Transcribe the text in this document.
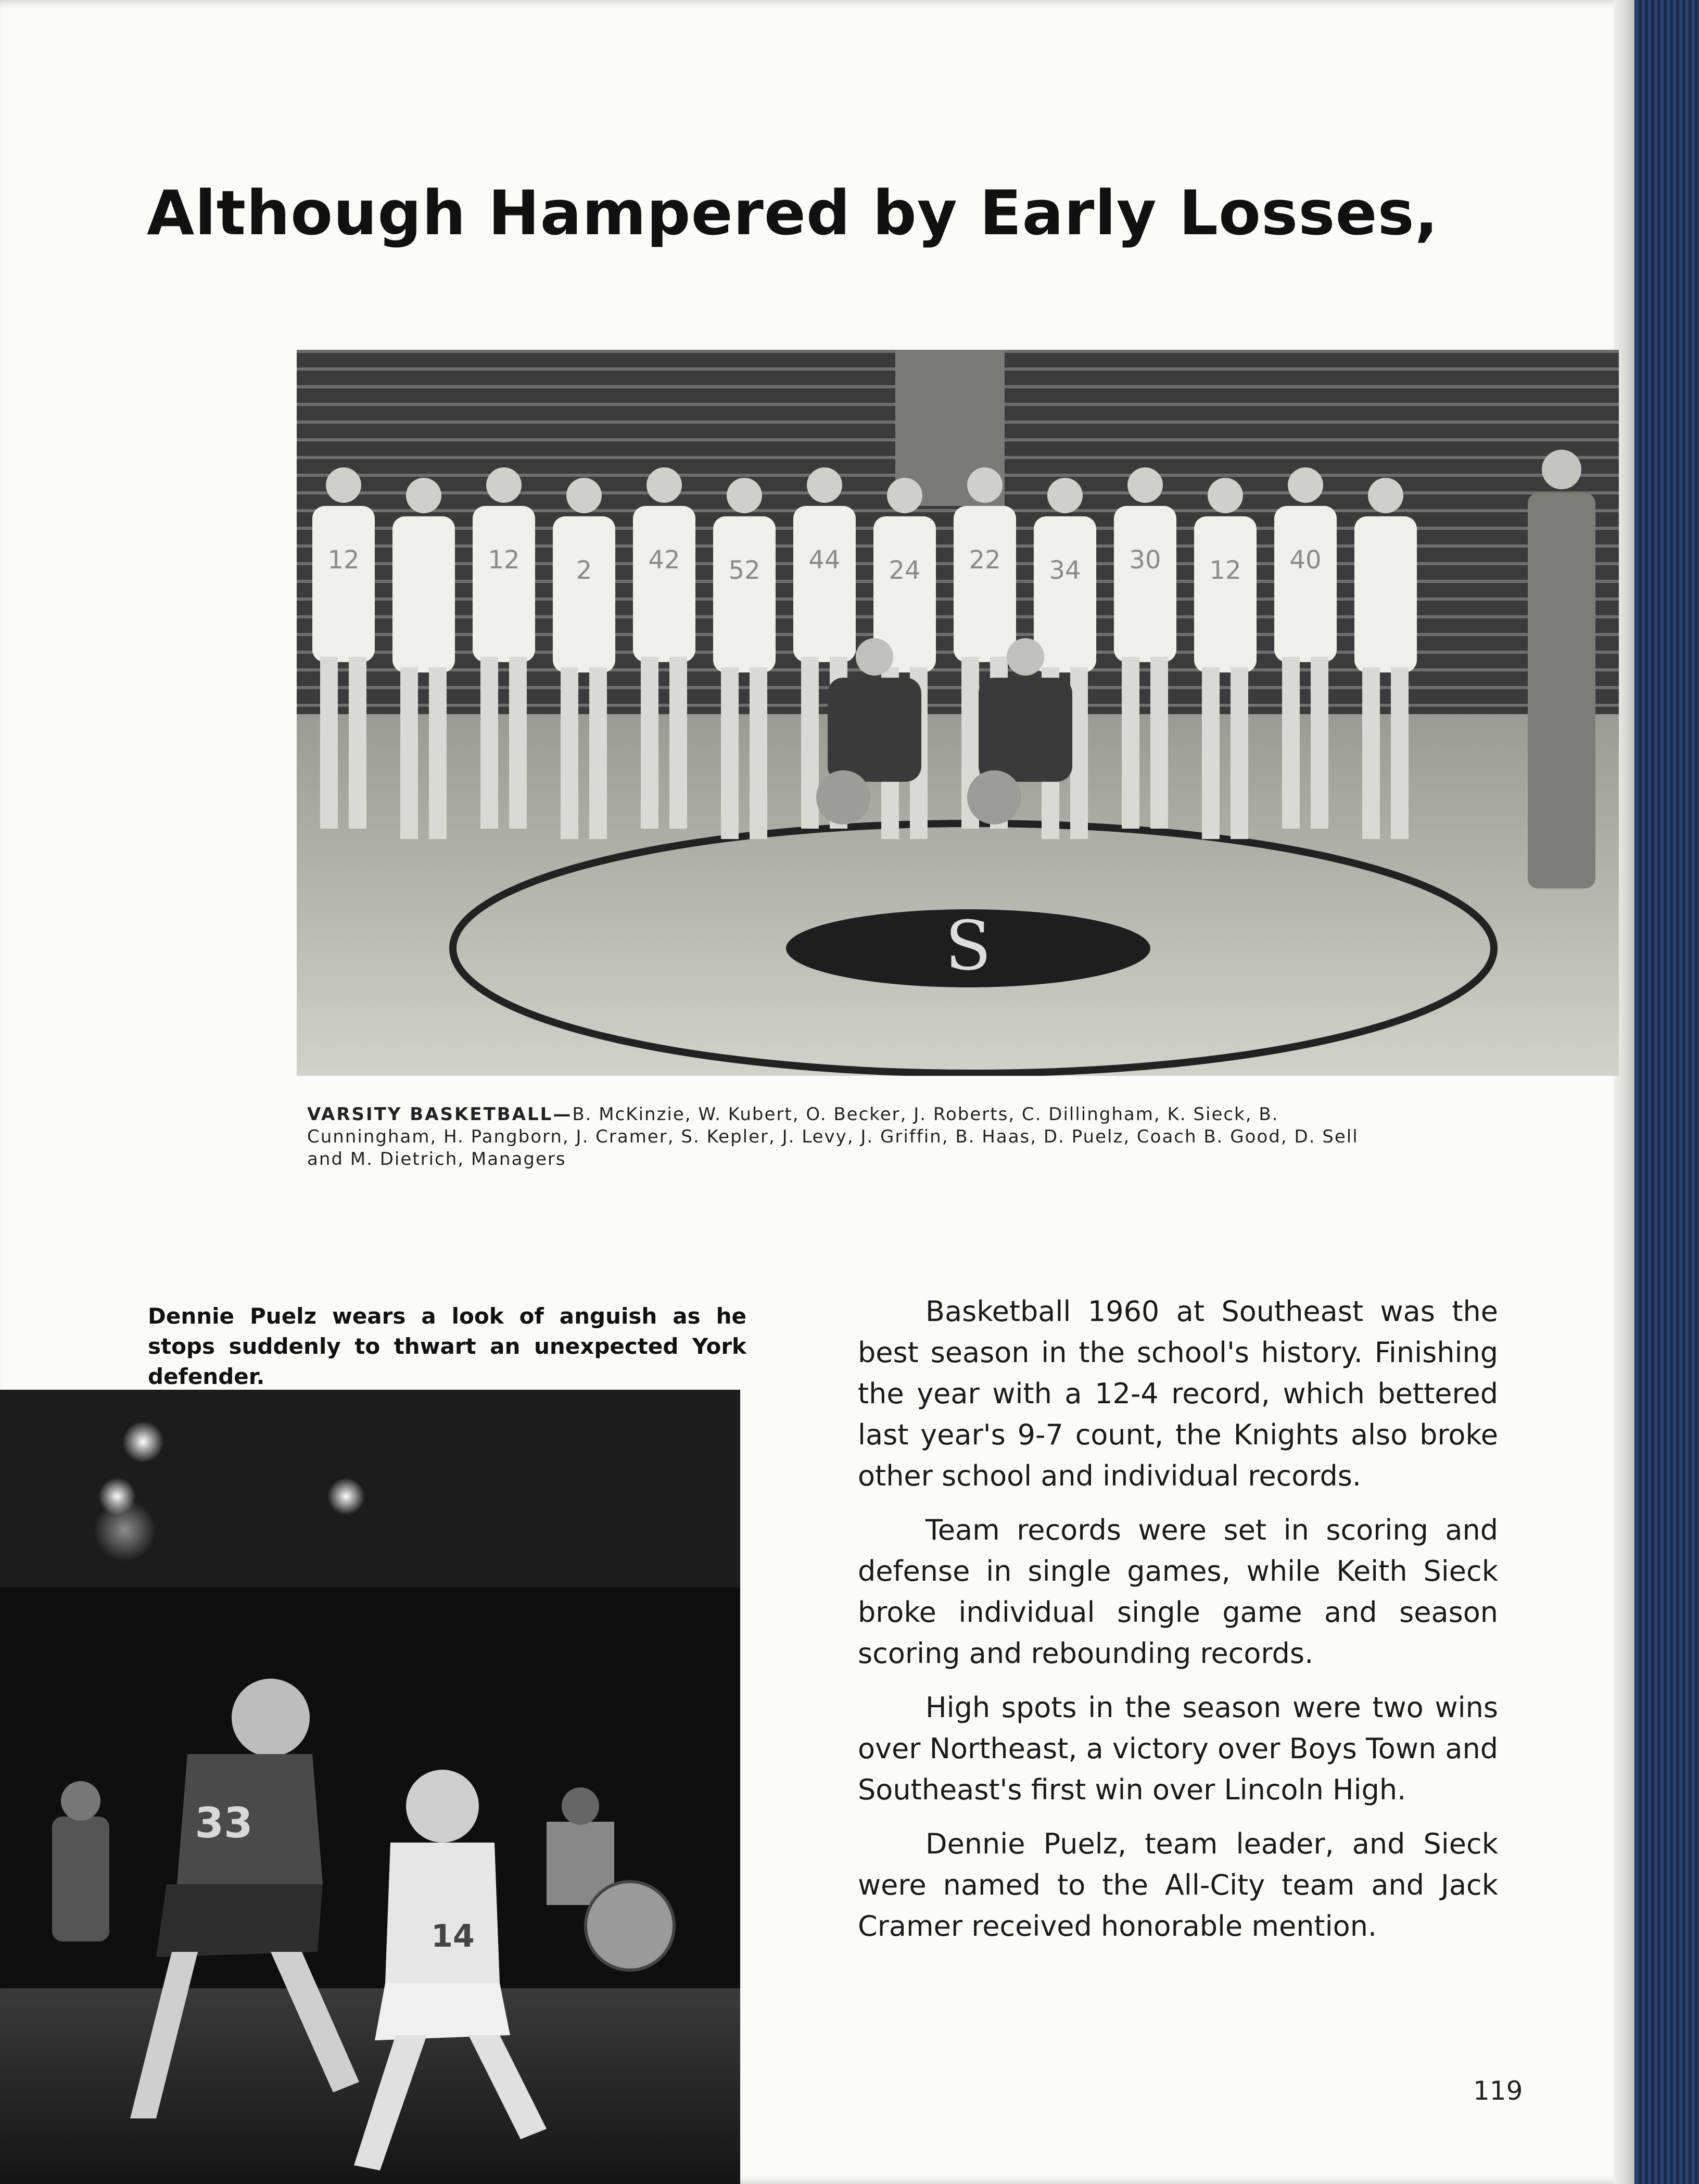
Although Hampered by Early Losses,
S
12	12 2 42 52 44 24 22 34 30 12 40
VARSITY BASKETBALL—B. McKinzie, W. Kubert, O. Becker, J. Roberts, C. Dillingham, K. Sieck, B. Cunningham, H. Pangborn, J. Cramer, S. Kepler, J. Levy, J. Griffin, B. Haas, D. Puelz, Coach B. Good, D. Sell and M. Dietrich, Managers
Dennie Puelz wears a look of anguish as he stops suddenly to thwart an unexpected York defender.
33
14

Basketball 1960 at Southeast was the best season in the school's history. Finishing the year with a 12-4 record, which bettered last year's 9-7 count, the Knights also broke other school and individual records.

Team records were set in scoring and defense in single games, while Keith Sieck broke individual single game and season scoring and rebounding records.

High spots in the season were two wins over Northeast, a victory over Boys Town and Southeast's first win over Lincoln High.

Dennie Puelz, team leader, and Sieck were named to the All-City team and Jack Cramer received honorable mention.

119
